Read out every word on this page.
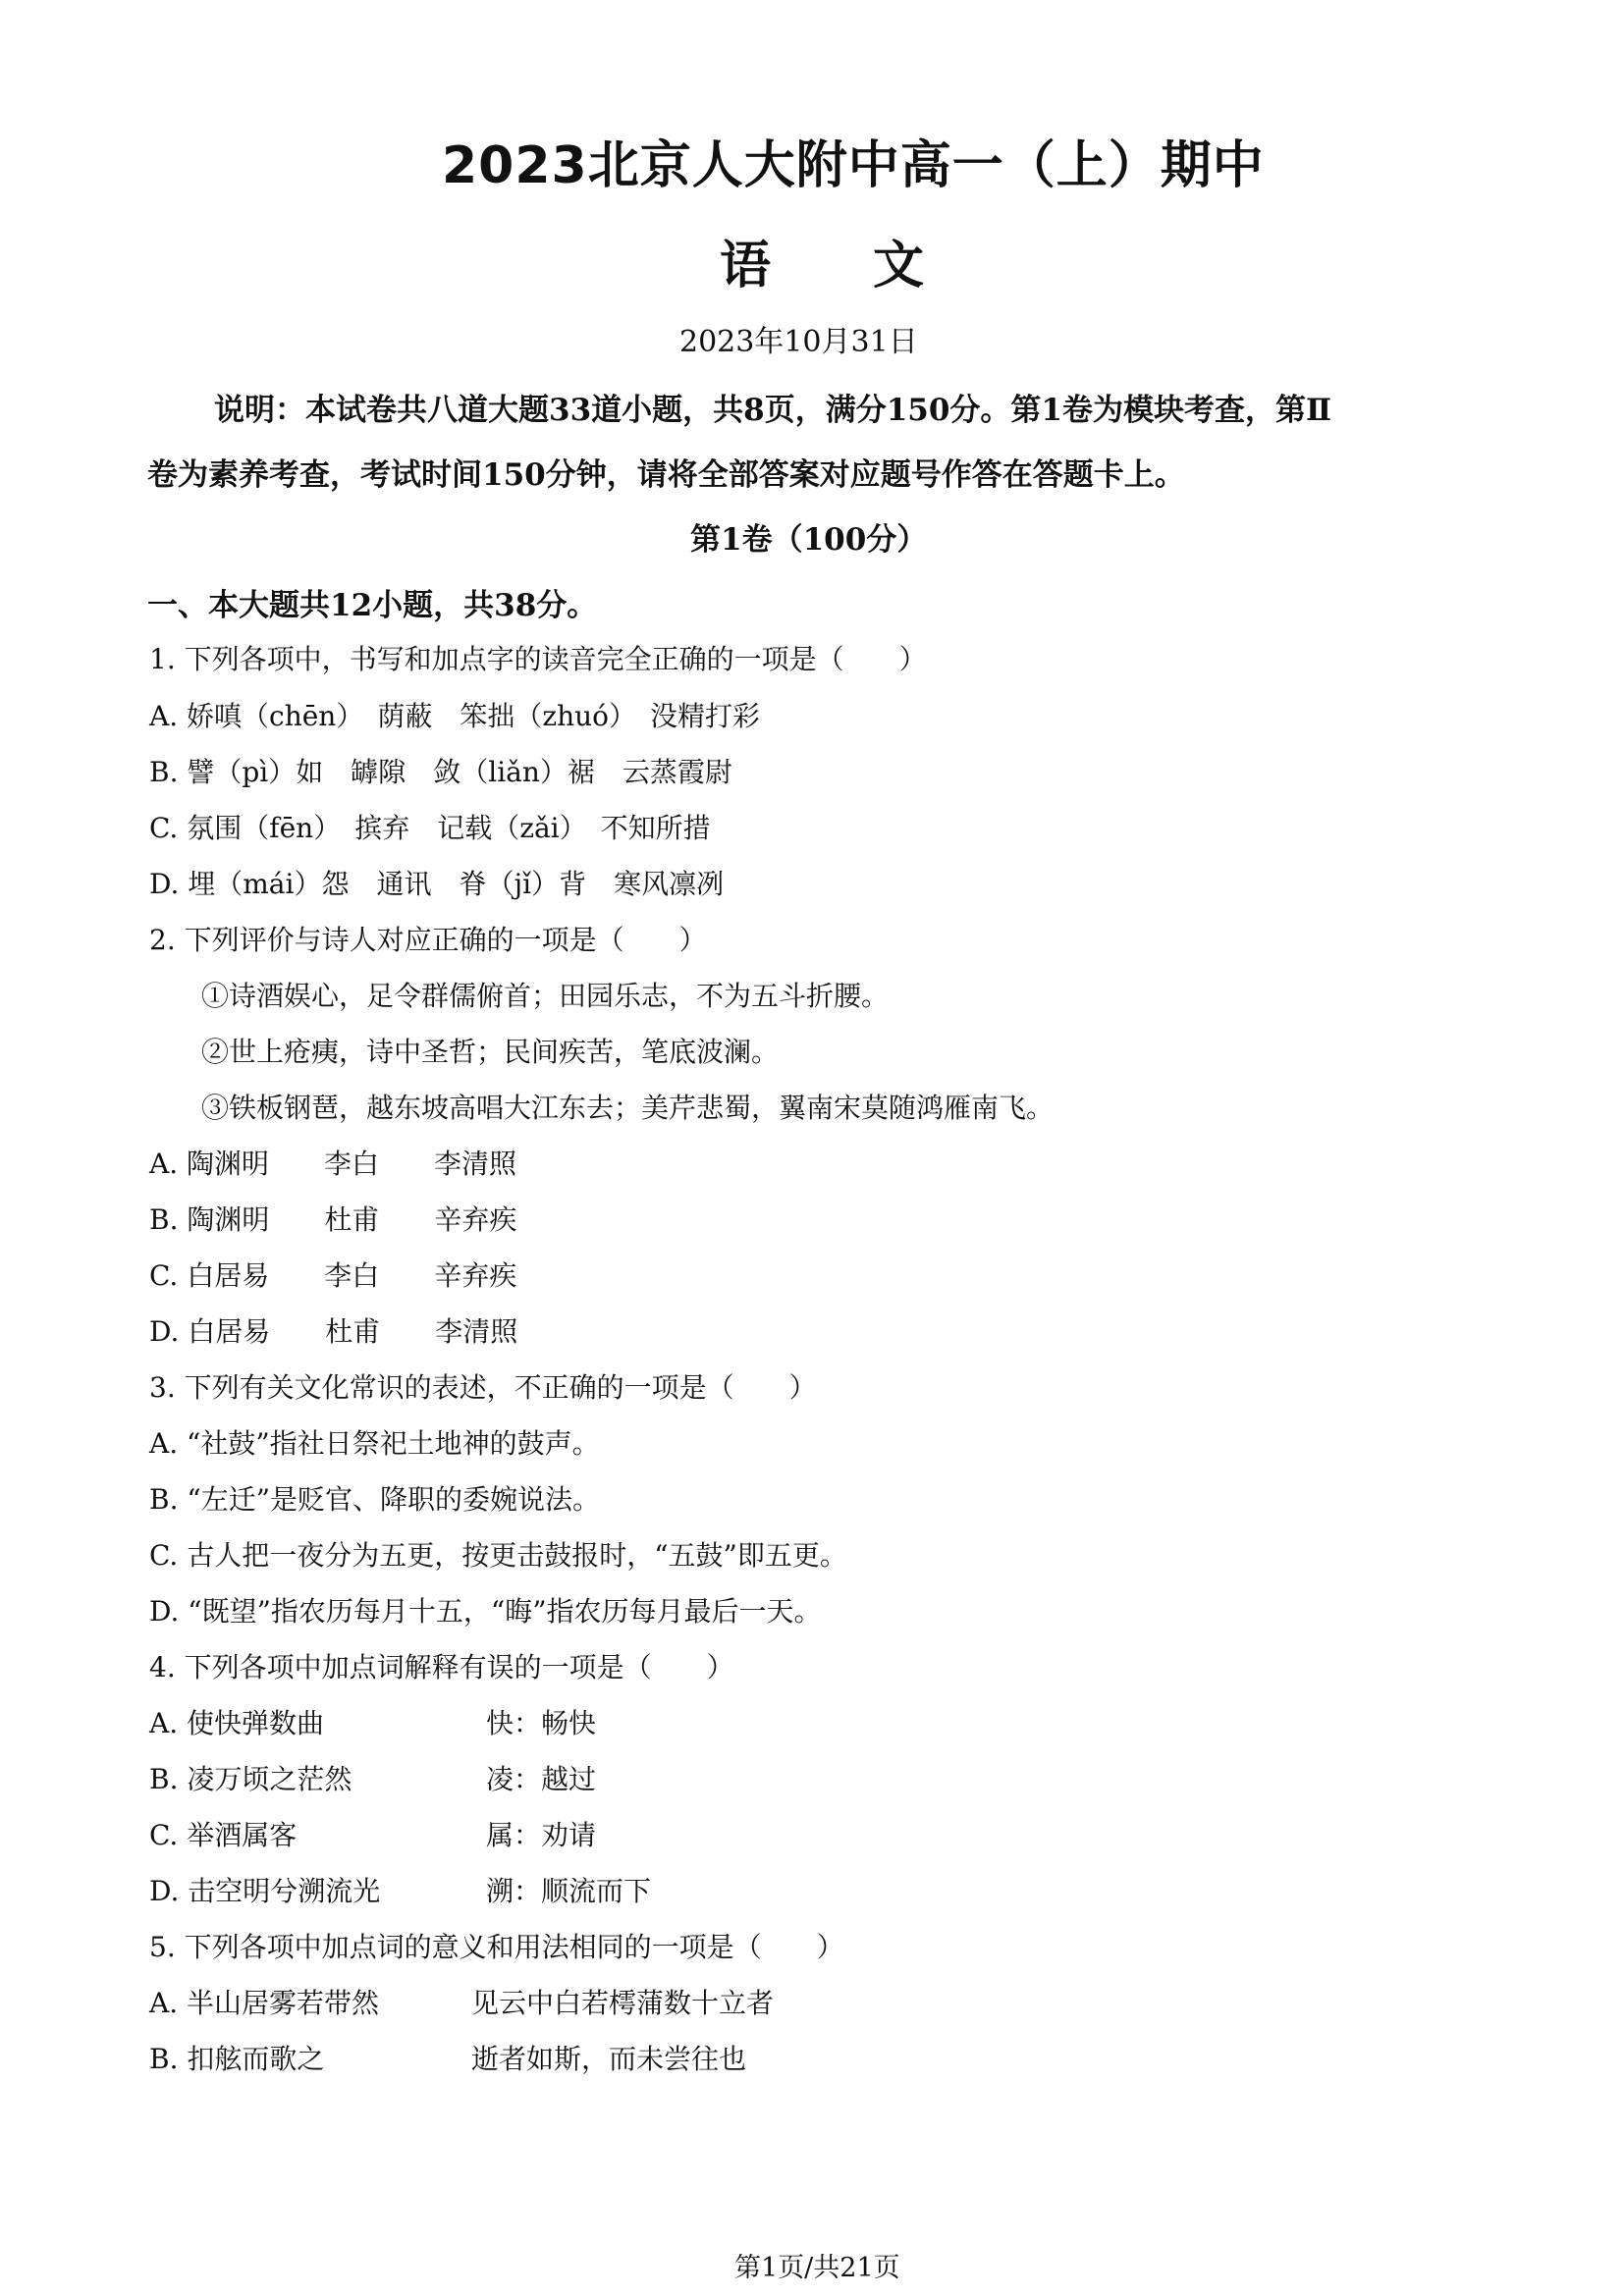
2023北京人大附中高一（上）期中
语　　文
2023年10月31日
说明：本试卷共八道大题33道小题，共8页，满分150分。第1卷为模块考查，第Ⅱ
卷为素养考查，考试时间150分钟，请将全部答案对应题号作答在答题卡上。
第1卷（100分）
一、本大题共12小题，共38分。
1. 下列各项中，书写和加点字的读音完全正确的一项是（　　）
A. 娇嗔（chēn）　荫蔽　笨拙（zhuó）　没精打彩
B. 譬（pì）如　罅隙　敛（liǎn）裾　云蒸霞尉
C. 氛围（fēn）　摈弃　记载（zǎi）　不知所措
D. 埋（mái）怨　通讯　脊（jǐ）背　寒风凛冽
2. 下列评价与诗人对应正确的一项是（　　）
①诗酒娱心，足令群儒俯首；田园乐志，不为五斗折腰。
②世上疮痍，诗中圣哲；民间疾苦，笔底波澜。
③铁板钢琶，越东坡高唱大江东去；美芹悲蜀，翼南宋莫随鸿雁南飞。
A. 陶渊明　　李白　　李清照
B. 陶渊明　　杜甫　　辛弃疾
C. 白居易　　李白　　辛弃疾
D. 白居易　　杜甫　　李清照
3. 下列有关文化常识的表述，不正确的一项是（　　）
A. “社鼓”指社日祭祀土地神的鼓声。
B. “左迁”是贬官、降职的委婉说法。
C. 古人把一夜分为五更，按更击鼓报时，“五鼓”即五更。
D. “既望”指农历每月十五，“晦”指农历每月最后一天。
4. 下列各项中加点词解释有误的一项是（　　）
A. 使快弹数曲	快：畅快
B. 凌万顷之茫然	凌：越过
C. 举酒属客	属：劝请
D. 击空明兮溯流光	溯：顺流而下
5. 下列各项中加点词的意义和用法相同的一项是（　　）
A. 半山居雾若带然	见云中白若樗蒲数十立者
B. 扣舷而歌之	逝者如斯，而未尝往也
第1页/共21页
